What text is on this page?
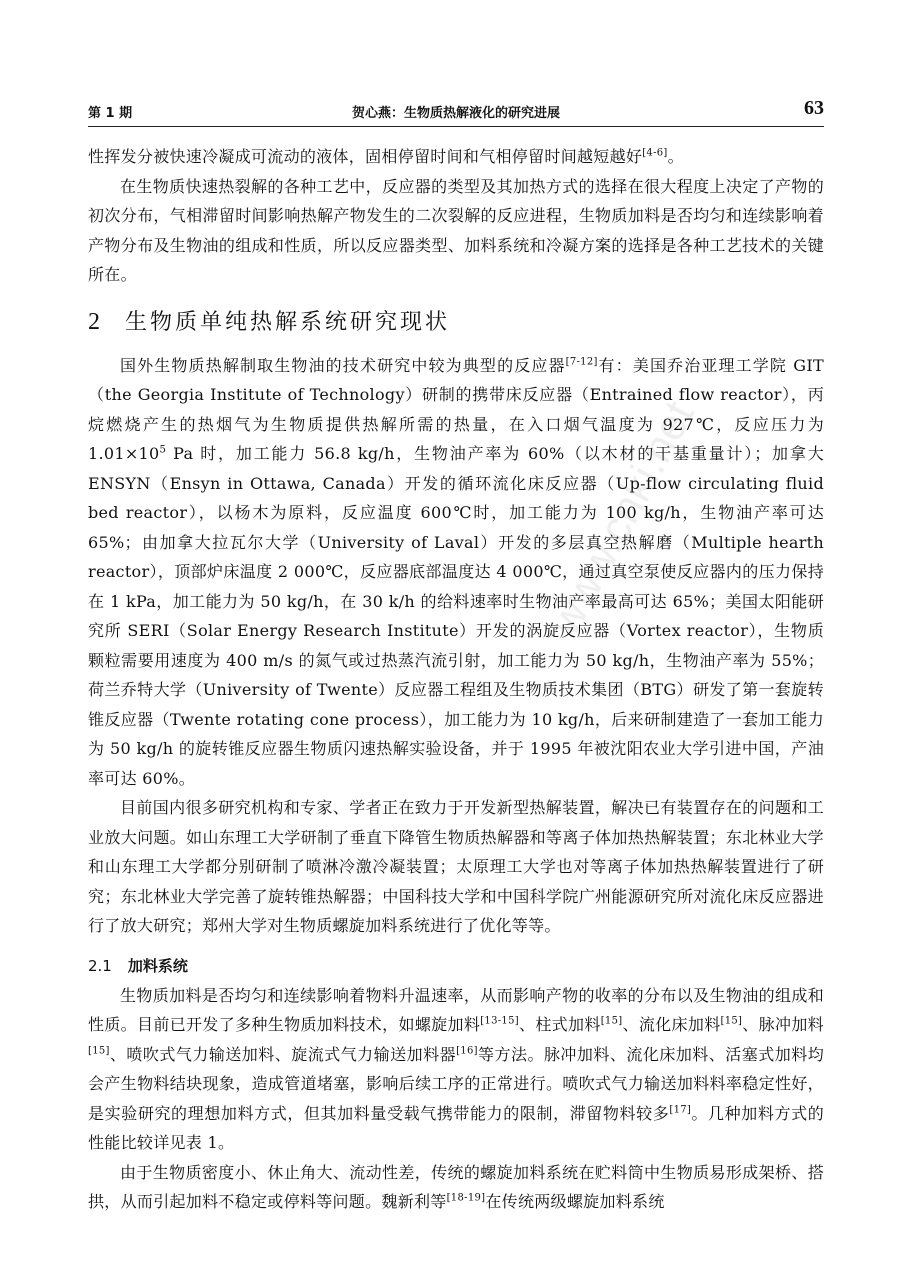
第 1 期	贺心燕：生物质热解液化的研究进展	63

性挥发分被快速冷凝成可流动的液体，固相停留时间和气相停留时间越短越好[4-6]。

在生物质快速热裂解的各种工艺中，反应器的类型及其加热方式的选择在很大程度上决定了产物的初次分布，气相滞留时间影响热解产物发生的二次裂解的反应进程，生物质加料是否均匀和连续影响着产物分布及生物油的组成和性质，所以反应器类型、加料系统和冷凝方案的选择是各种工艺技术的关键所在。

2 生物质单纯热解系统研究现状

国外生物质热解制取生物油的技术研究中较为典型的反应器[7-12]有：美国乔治亚理工学院 GIT（the Georgia Institute of Technology）研制的携带床反应器（Entrained flow reactor），丙烷燃烧产生的热烟气为生物质提供热解所需的热量，在入口烟气温度为 927℃，反应压力为 $1.01\times 10^5$ Pa 时，加工能力 56.8 kg/h，生物油产率为 60%（以木材的干基重量计）；加拿大 ENSYN（Ensyn in Ottawa, Canada）开发的循环流化床反应器（Up-flow circulating fluid bed reactor），以杨木为原料，反应温度 600℃时，加工能力为 100 kg/h，生物油产率可达 65%；由加拿大拉瓦尔大学（University of Laval）开发的多层真空热解磨（Multiple hearth reactor），顶部炉床温度 2 000℃，反应器底部温度达 4 000℃，通过真空泵使反应器内的压力保持在 1 kPa，加工能力为 50 kg/h，在 30 k/h 的给料速率时生物油产率最高可达 65%；美国太阳能研究所 SERI（Solar Energy Research Institute）开发的涡旋反应器（Vortex reactor），生物质颗粒需要用速度为 400 m/s 的氮气或过热蒸汽流引射，加工能力为 50 kg/h，生物油产率为 55%；荷兰乔特大学（University of Twente）反应器工程组及生物质技术集团（BTG）研发了第一套旋转锥反应器（Twente rotating cone process），加工能力为 10 kg/h，后来研制建造了一套加工能力为 50 kg/h 的旋转锥反应器生物质闪速热解实验设备，并于 1995 年被沈阳农业大学引进中国，产油率可达 60%。

目前国内很多研究机构和专家、学者正在致力于开发新型热解装置，解决已有装置存在的问题和工业放大问题。如山东理工大学研制了垂直下降管生物质热解器和等离子体加热热解装置；东北林业大学和山东理工大学都分别研制了喷淋冷激冷凝装置；太原理工大学也对等离子体加热热解装置进行了研究；东北林业大学完善了旋转锥热解器；中国科技大学和中国科学院广州能源研究所对流化床反应器进行了放大研究；郑州大学对生物质螺旋加料系统进行了优化等等。

2.1 加料系统

生物质加料是否均匀和连续影响着物料升温速率，从而影响产物的收率的分布以及生物油的组成和性质。目前已开发了多种生物质加料技术，如螺旋加料[13-15]、柱式加料[15]、流化床加料[15]、脉冲加料[15]、喷吹式气力输送加料、旋流式气力输送加料器[16]等方法。脉冲加料、流化床加料、活塞式加料均会产生物料结块现象，造成管道堵塞，影响后续工序的正常进行。喷吹式气力输送加料料率稳定性好，是实验研究的理想加料方式，但其加料量受载气携带能力的限制，滞留物料较多[17]。几种加料方式的性能比较详见表 1。

由于生物质密度小、休止角大、流动性差，传统的螺旋加料系统在贮料筒中生物质易形成架桥、搭拱，从而引起加料不稳定或停料等问题。魏新利等[18-19]在传统两级螺旋加料系统

www.cnki.net
